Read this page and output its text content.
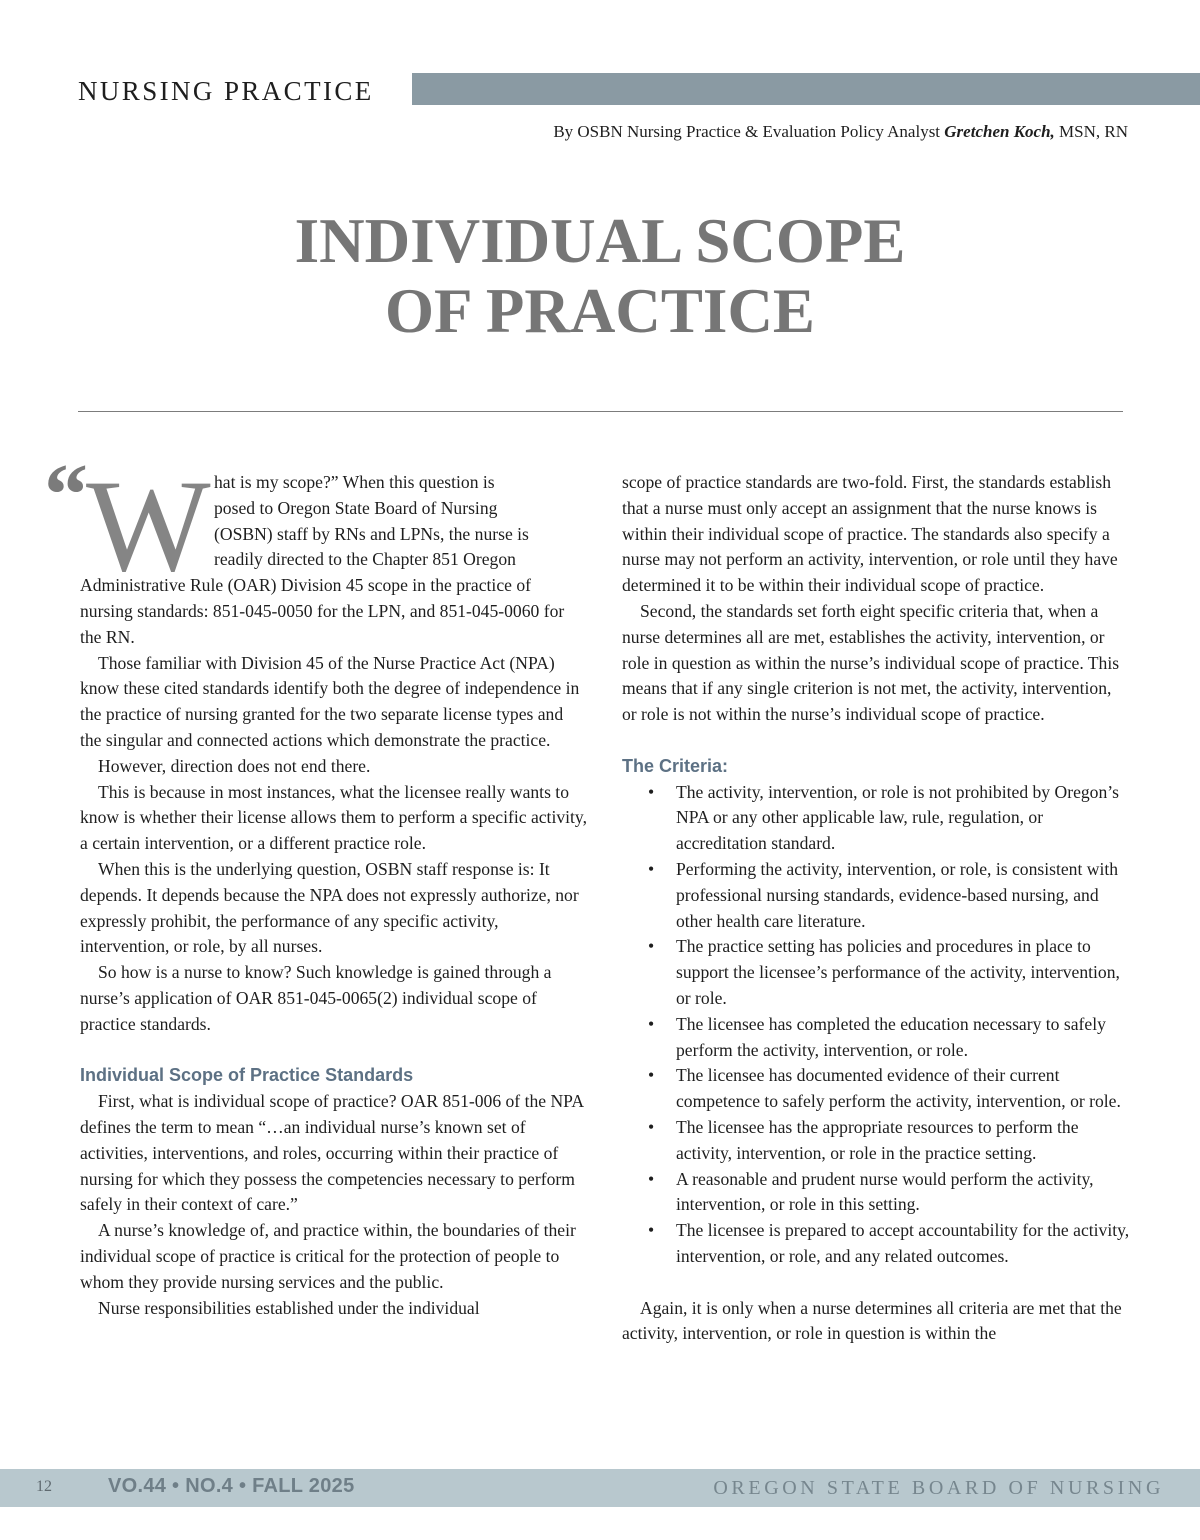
NURSING PRACTICE
By OSBN Nursing Practice & Evaluation Policy Analyst Gretchen Koch, MSN, RN
INDIVIDUAL SCOPE
OF PRACTICE
“
W hat is my scope?” When this question is
posed to Oregon State Board of Nursing
(OSBN) staff by RNs and LPNs, the nurse is
readily directed to the Chapter 851 Oregon
Administrative Rule (OAR) Division 45 scope in the practice of nursing standards: 851-045-0050 for the LPN, and 851-045-0060 for the RN.

Those familiar with Division 45 of the Nurse Practice Act (NPA) know these cited standards identify both the degree of independence in the practice of nursing granted for the two separate license types and the singular and connected actions which demonstrate the practice.

However, direction does not end there.

This is because in most instances, what the licensee really wants to know is whether their license allows them to perform a specific activity, a certain intervention, or a different practice role.

When this is the underlying question, OSBN staff response is: It depends. It depends because the NPA does not expressly authorize, nor expressly prohibit, the performance of any specific activity, intervention, or role, by all nurses.

So how is a nurse to know? Such knowledge is gained through a nurse’s application of OAR 851-045-0065(2) individual scope of practice standards.

Individual Scope of Practice Standards

First, what is individual scope of practice? OAR 851-006 of the NPA defines the term to mean “…an individual nurse’s known set of activities, interventions, and roles, occurring within their practice of nursing for which they possess the competencies necessary to perform safely in their context of care.”

A nurse’s knowledge of, and practice within, the boundaries of their individual scope of practice is critical for the protection of people to whom they provide nursing services and the public.

Nurse responsibilities established under the individual

scope of practice standards are two-fold. First, the standards establish that a nurse must only accept an assignment that the nurse knows is within their individual scope of practice. The standards also specify a nurse may not perform an activity, intervention, or role until they have determined it to be within their individual scope of practice.

Second, the standards set forth eight specific criteria that, when a nurse determines all are met, establishes the activity, intervention, or role in question as within the nurse’s individual scope of practice. This means that if any single criterion is not met, the activity, intervention, or role is not within the nurse’s individual scope of practice.

The Criteria:
• The activity, intervention, or role is not prohibited by Oregon’s NPA or any other applicable law, rule, regulation, or accreditation standard.
• Performing the activity, intervention, or role, is consistent with professional nursing standards, evidence-based nursing, and other health care literature.
• The practice setting has policies and procedures in place to support the licensee’s performance of the activity, intervention, or role.
• The licensee has completed the education necessary to safely perform the activity, intervention, or role.
• The licensee has documented evidence of their current competence to safely perform the activity, intervention, or role.
• The licensee has the appropriate resources to perform the activity, intervention, or role in the practice setting.
• A reasonable and prudent nurse would perform the activity, intervention, or role in this setting.
• The licensee is prepared to accept accountability for the activity, intervention, or role, and any related outcomes.

Again, it is only when a nurse determines all criteria are met that the activity, intervention, or role in question is within the

12	VO.44 • NO.4 • FALL 2025	OREGON STATE BOARD OF NURSING
